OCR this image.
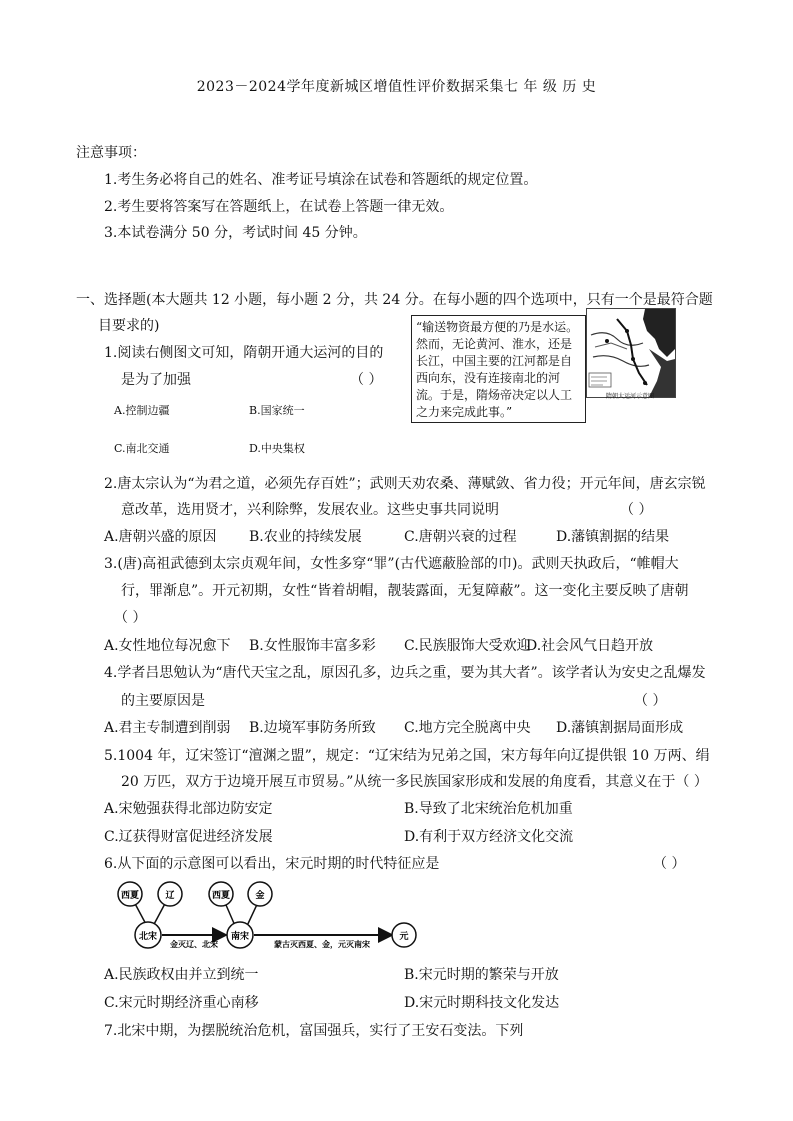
2023－2024学年度新城区增值性评价数据采集七 年 级 历 史
注意事项：
1.考生务必将自己的姓名、准考证号填涂在试卷和答题纸的规定位置。
2.考生要将答案写在答题纸上，在试卷上答题一律无效。
3.本试卷满分 50 分，考试时间 45 分钟。
一、选择题(本大题共 12 小题，每小题 2 分，共 24 分。在每小题的四个选项中，只有一个是最符合题
目要求的)
1.阅读右侧图文可知，隋朝开通大运河的目的
是为了加强	（ ）
A.控制边疆	B.国家统一
C.南北交通	D.中央集权
“输送物资最方便的乃是水运。然而，无论黄河、淮水，还是长江，中国主要的江河都是自西向东，没有连接南北的河流。于是，隋炀帝决定以人工之力来完成此事。”
隋朝大运河示意图
2.唐太宗认为“为君之道，必须先存百姓”；武则天劝农桑、薄赋敛、省力役；开元年间，唐玄宗锐
意改革，选用贤才，兴利除弊，发展农业。这些史事共同说明	（ ）
A.唐朝兴盛的原因 B.农业的持续发展	C.唐朝兴衰的过程	D.藩镇割据的结果
3.(唐)高祖武德到太宗贞观年间，女性多穿“罪”(古代遮蔽脸部的巾)。武则天执政后，“帷帽大
行，罪渐息”。开元初期，女性“皆着胡帽，靓装露面，无复障蔽”。这一变化主要反映了唐朝
（ ）
A.女性地位每况愈下 B.女性服饰丰富多彩 C.民族服饰大受欢迎
D.社会风气日趋开放
4.学者吕思勉认为“唐代天宝之乱，原因孔多，边兵之重，要为其大者”。该学者认为安史之乱爆发
的主要原因是	（ ）
A.君主专制遭到削弱 B.边境军事防务所致 C.地方完全脱离中央 D.藩镇割据局面形成
5.1004 年，辽宋签订“澶渊之盟”，规定：“辽宋结为兄弟之国，宋方每年向辽提供银 10 万两、绢
20 万匹，双方于边境开展互市贸易。”从统一多民族国家形成和发展的角度看，其意义在于（ ）
A.宋勉强获得北部边防安定	B.导致了北宋统治危机加重
C.辽获得财富促进经济发展	D.有利于双方经济文化交流
6.从下面的示意图可以看出，宋元时期的时代特征应是	（ ）
西夏	辽
北宋
西夏	金
南宋	元
金灭辽、北宋	蒙古灭西夏、金，元灭南宋
A.民族政权由并立到统一	B.宋元时期的繁荣与开放
C.宋元时期经济重心南移	D.宋元时期科技文化发达
7.北宋中期，为摆脱统治危机，富国强兵，实行了王安石变法。下列
